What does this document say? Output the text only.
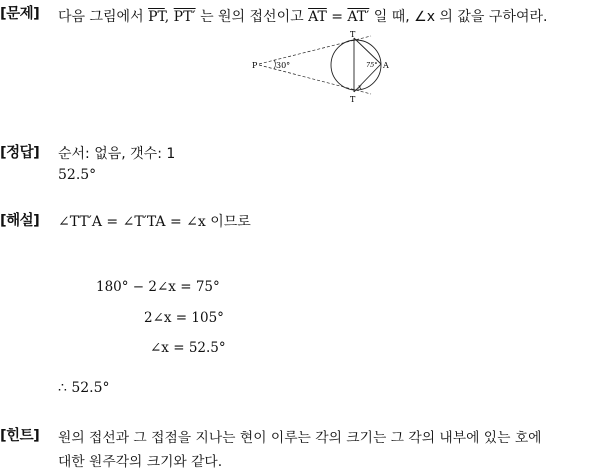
[문제] 다음 그림에서 $\overline{PT}$, PT′ 는 원의 접선이고 $\overline{AT} = AT'$ 일 때, ∠x 의 값을 구하여라.
P 30°
T
T
A
75°
x
[정답] 순서: 없음, 갯수: 1
52.5°
[해설] ∠TT′A = ∠T′TA = ∠x 이므로
180° − 2∠x = 75°
2∠x = 105°
∠x = 52.5°
∴ 52.5°
[힌트] 원의 접선과 그 접점을 지나는 현이 이루는 각의 크기는 그 각의 내부에 있는 호에
대한 원주각의 크기와 같다.
